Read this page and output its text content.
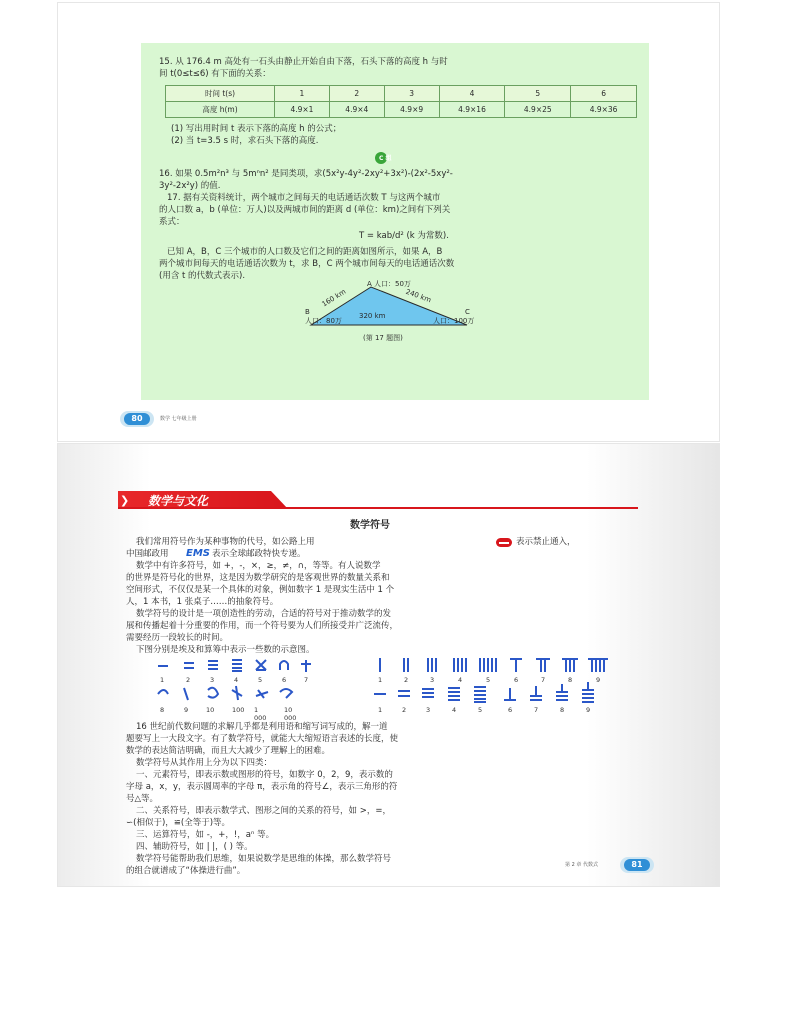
15. 从 176.4 m 高处有一石头由静止开始自由下落，石头下落的高度 h 与时
间 t(0≤t≤6) 有下面的关系：
时间 t(s)	1	2	3	4	5	6
高度 h(m)	4.9×1	4.9×4	4.9×9	4.9×16	4.9×25	4.9×36
(1) 写出用时间 t 表示下落的高度 h 的公式；
(2) 当 t=3.5 s 时，求石头下落的高度.
C 组
16. 如果 0.5m²n³ 与 5mⁿn² 是同类项，求(5x²y-4y²-2xy²+3x²)-(2x²-5xy²-
3y²-2x²y) 的值.
17. 据有关资料统计，两个城市之间每天的电话通话次数 T 与这两个城市
的人口数 a，b (单位：万人)以及两城市间的距离 d (单位：km)之间有下列关
系式：
T = kab/d² (k 为常数).
已知 A，B，C 三个城市的人口数及它们之间的距离如图所示，如果 A，B
两个城市间每天的电话通话次数为 t，求 B，C 两个城市间每天的电话通话次数
(用含 t 的代数式表示).
A 人口：50万
B
人口：80万
C
人口：100万
160 km	240 km
320 km
(第 17 题图)
80	数学 七年级上册
❯	数学与文化
数学符号
我们常用符号作为某种事物的代号，如公路上用	表示禁止通入，
中国邮政用 EMS 表示全球邮政特快专递。
数学中有许多符号，如 +，-，×，≥，≠，∩，等等。有人说数学
的世界是符号化的世界，这是因为数学研究的是客观世界的数量关系和
空间形式，不仅仅是某一个具体的对象，例如数字 1 是现实生活中 1 个
人，1 本书，1 张桌子……的抽象符号。
数学符号的设计是一项创造性的劳动，合适的符号对于推动数学的发
展和传播起着十分重要的作用，而一个符号要为人们所接受并广泛流传，
需要经历一段较长的时间。
下图分别是埃及和算筹中表示一些数的示意图。
1	2	3	4	5	6	7
8	9	10	100 1 000
10 000
1	2	3	4	5	6	7	8	9
1	2	3	4	5	6	7	8	9
16 世纪前代数问题的求解几乎都是利用语和缩写词写成的，解一道
题要写上一大段文字。有了数学符号，就能大大缩短语言表述的长度，使
数学的表达简洁明确，而且大大减少了理解上的困难。
数学符号从其作用上分为以下四类：
一、元素符号，即表示数或图形的符号，如数字 0，2，9，表示数的
字母 a，x，y，表示圆周率的字母 π，表示角的符号∠，表示三角形的符
号△等。
二、关系符号，即表示数学式、图形之间的关系的符号，如 >，=，
∽(相似于)，≌(全等于)等。
三、运算符号，如 -，+，!，aⁿ 等。
四、辅助符号，如 | |，( ) 等。
数学符号能帮助我们思维，如果说数学是思维的体操，那么数学符号
的组合就谱成了“体操进行曲”。
第 2 章 代数式	81
